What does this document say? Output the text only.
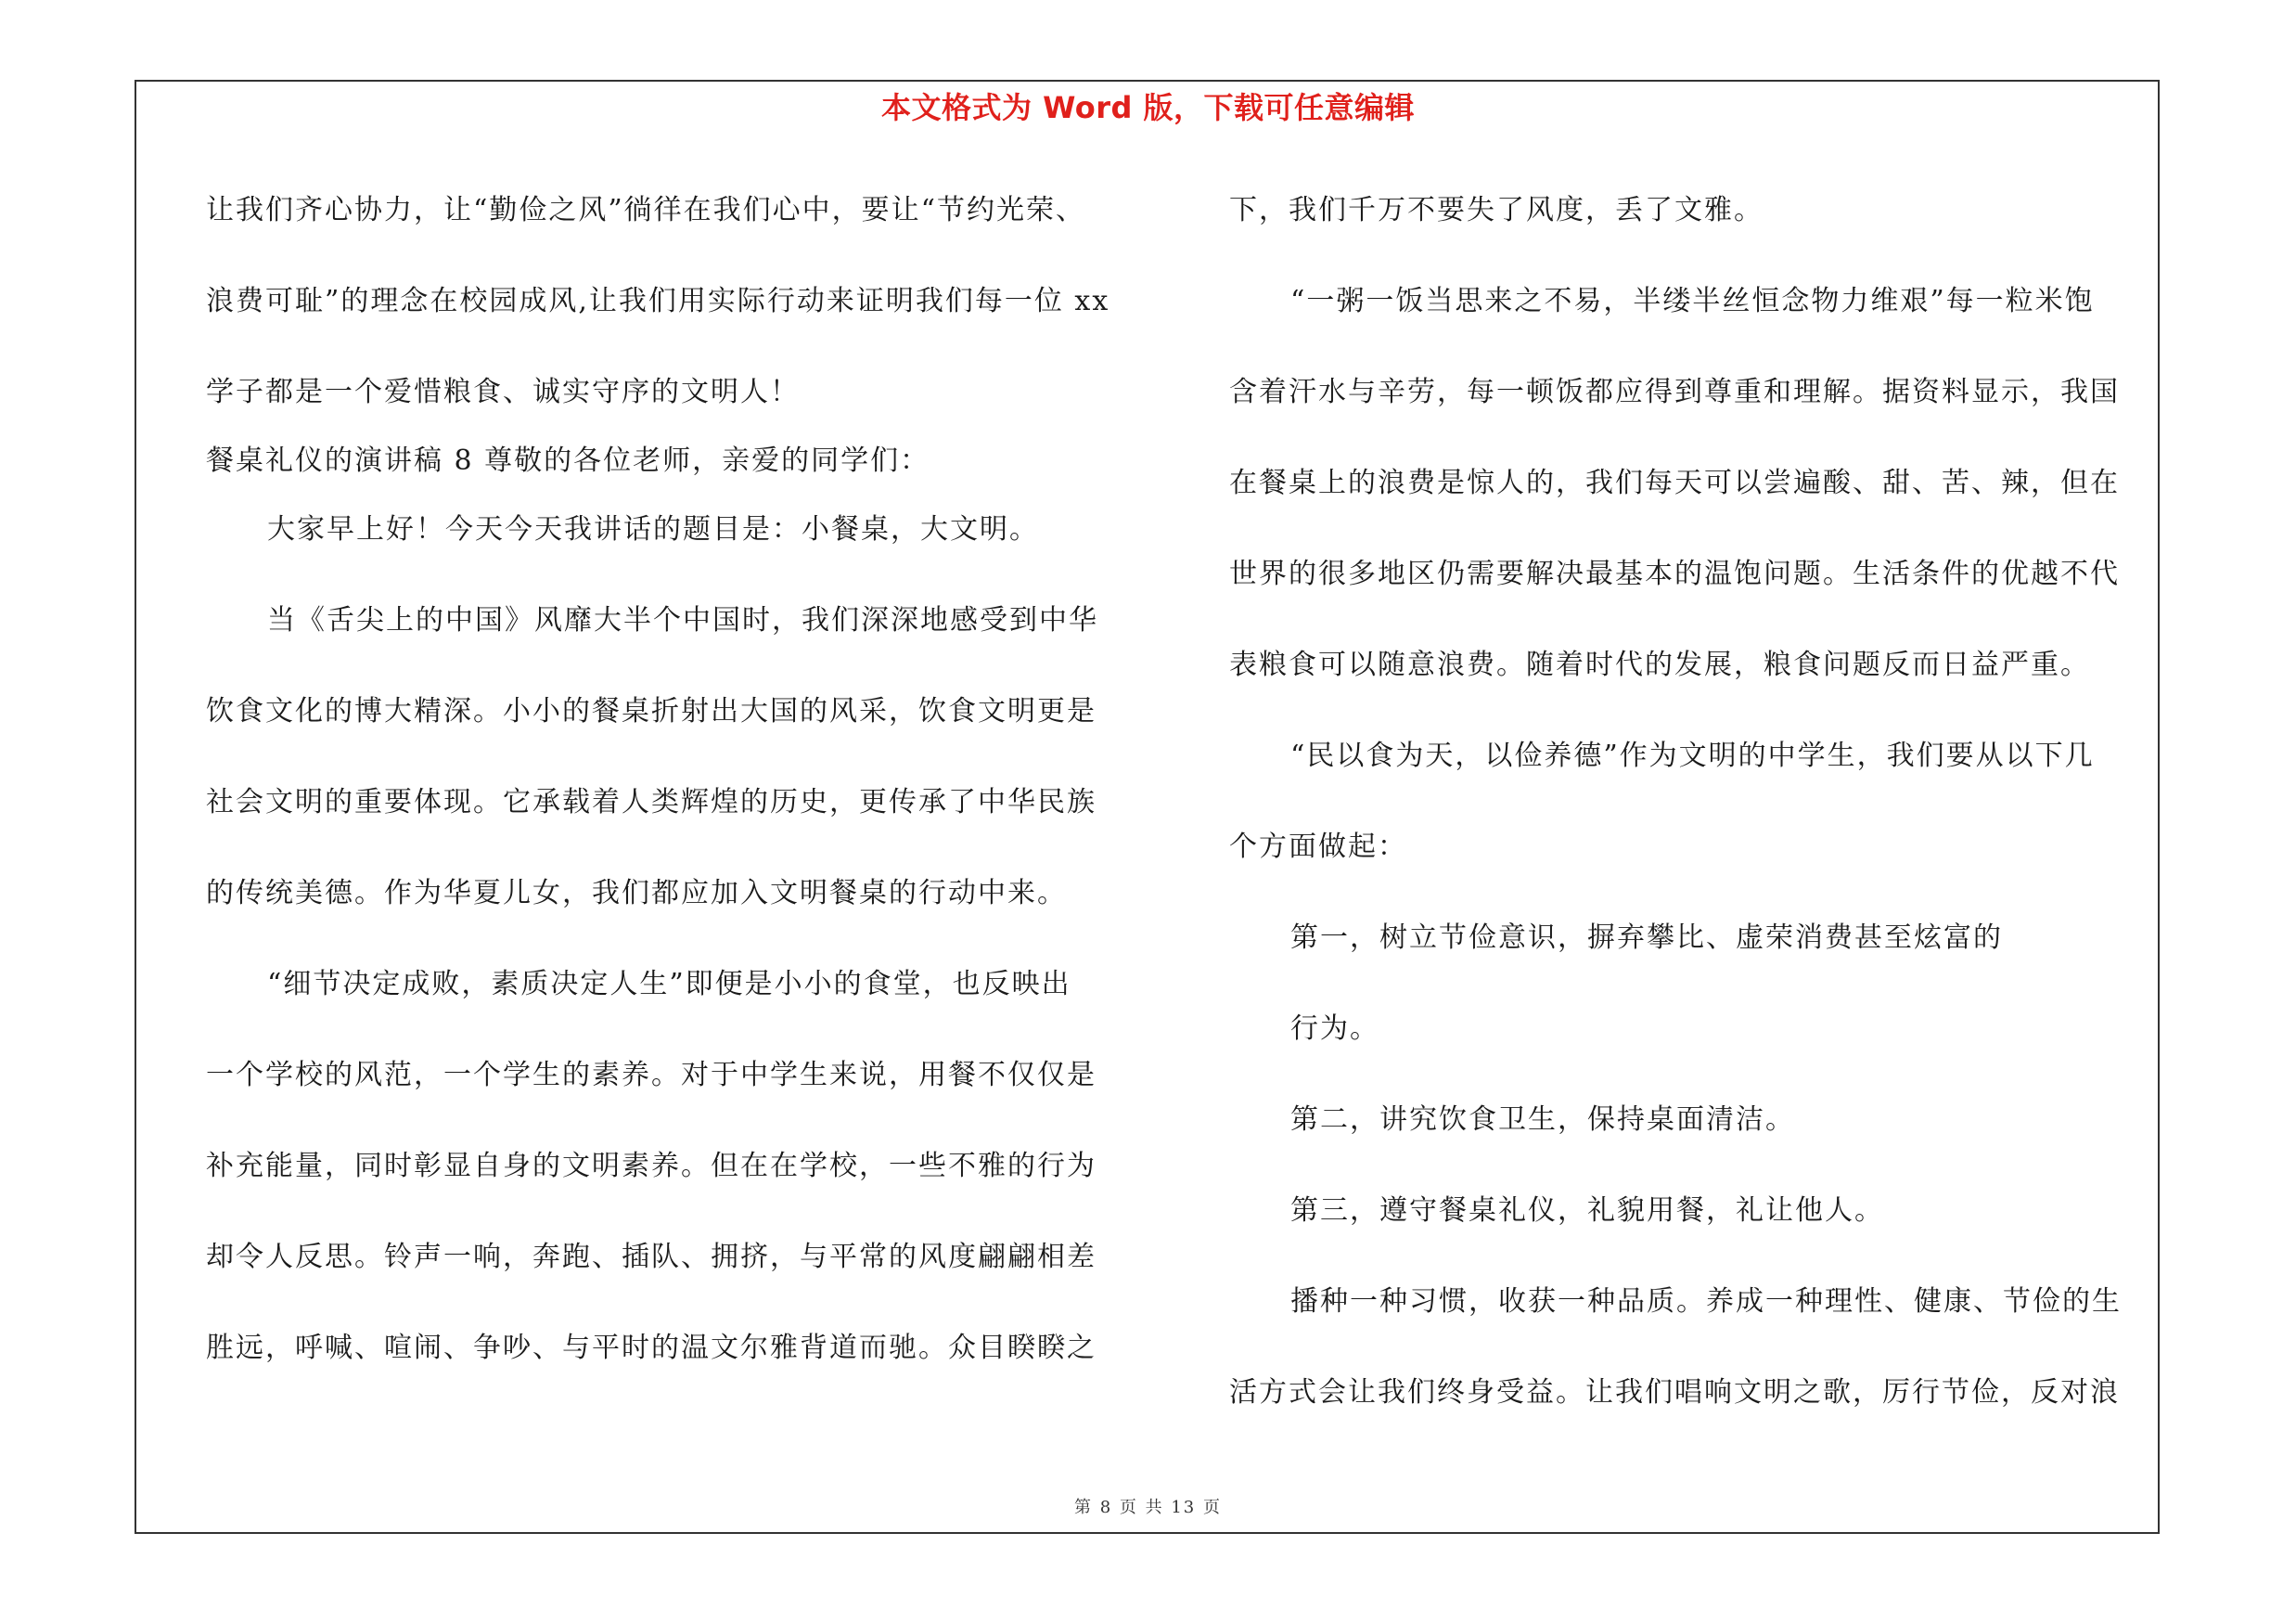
本文格式为 Word 版，下载可任意编辑
让我们齐心协力，让“勤俭之风”徜徉在我们心中，要让“节约光荣、
浪费可耻”的理念在校园成风,让我们用实际行动来证明我们每一位 xx
学子都是一个爱惜粮食、诚实守序的文明人！
餐桌礼仪的演讲稿 8 尊敬的各位老师，亲爱的同学们：
大家早上好！今天今天我讲话的题目是：小餐桌，大文明。
当《舌尖上的中国》风靡大半个中国时，我们深深地感受到中华
饮食文化的博大精深。小小的餐桌折射出大国的风采，饮食文明更是
社会文明的重要体现。它承载着人类辉煌的历史，更传承了中华民族
的传统美德。作为华夏儿女，我们都应加入文明餐桌的行动中来。
“细节决定成败，素质决定人生”即便是小小的食堂，也反映出
一个学校的风范，一个学生的素养。对于中学生来说，用餐不仅仅是
补充能量，同时彰显自身的文明素养。但在在学校，一些不雅的行为
却令人反思。铃声一响，奔跑、插队、拥挤，与平常的风度翩翩相差
胜远，呼喊、喧闹、争吵、与平时的温文尔雅背道而驰。众目睽睽之
下，我们千万不要失了风度，丢了文雅。
“一粥一饭当思来之不易，半缕半丝恒念物力维艰”每一粒米饱
含着汗水与辛劳，每一顿饭都应得到尊重和理解。据资料显示，我国
在餐桌上的浪费是惊人的，我们每天可以尝遍酸、甜、苦、辣，但在
世界的很多地区仍需要解决最基本的温饱问题。生活条件的优越不代
表粮食可以随意浪费。随着时代的发展，粮食问题反而日益严重。
“民以食为天，以俭养德”作为文明的中学生，我们要从以下几
个方面做起：
第一，树立节俭意识，摒弃攀比、虚荣消费甚至炫富的
行为。
第二，讲究饮食卫生，保持桌面清洁。
第三，遵守餐桌礼仪，礼貌用餐，礼让他人。
播种一种习惯，收获一种品质。养成一种理性、健康、节俭的生
活方式会让我们终身受益。让我们唱响文明之歌，厉行节俭，反对浪
第 8 页 共 13 页
